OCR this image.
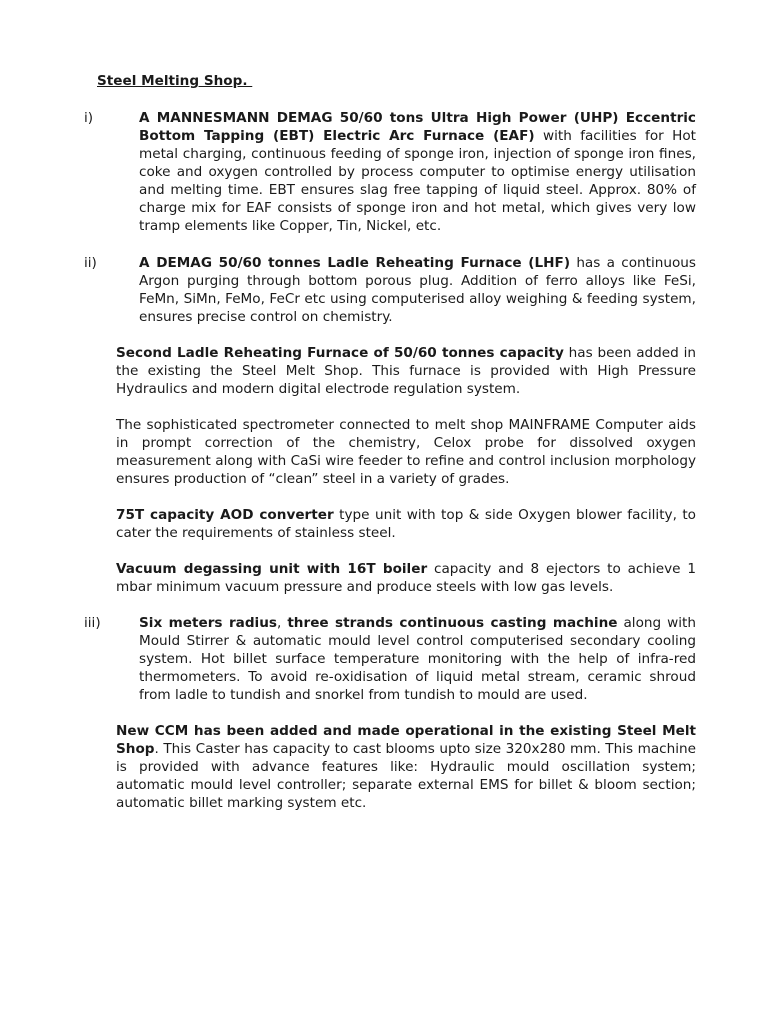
Steel Melting Shop.
i)	A MANNESMANN DEMAG 50/60 tons Ultra High Power (UHP) Eccentric Bottom Tapping (EBT) Electric Arc Furnace (EAF) with facilities for Hot metal charging, continuous feeding of sponge iron, injection of sponge iron fines, coke and oxygen controlled by process computer to optimise energy utilisation and melting time. EBT ensures slag free tapping of liquid steel. Approx. 80% of charge mix for EAF consists of sponge iron and hot metal, which gives very low tramp elements like Copper, Tin, Nickel, etc.
ii)	A DEMAG 50/60 tonnes Ladle Reheating Furnace (LHF) has a continuous Argon purging through bottom porous plug. Addition of ferro alloys like FeSi, FeMn, SiMn, FeMo, FeCr etc using computerised alloy weighing & feeding system, ensures precise control on chemistry.
Second Ladle Reheating Furnace of 50/60 tonnes capacity has been added in the existing the Steel Melt Shop. This furnace is provided with High Pressure Hydraulics and modern digital electrode regulation system.
The sophisticated spectrometer connected to melt shop MAINFRAME Computer aids in prompt correction of the chemistry, Celox probe for dissolved oxygen measurement along with CaSi wire feeder to refine and control inclusion morphology ensures production of “clean” steel in a variety of grades.
75T capacity AOD converter type unit with top & side Oxygen blower facility, to cater the requirements of stainless steel.
Vacuum degassing unit with 16T boiler capacity and 8 ejectors to achieve 1 mbar minimum vacuum pressure and produce steels with low gas levels.
iii)	Six meters radius, three strands continuous casting machine along with Mould Stirrer & automatic mould level control computerised secondary cooling system. Hot billet surface temperature monitoring with the help of infra-red thermometers. To avoid re-oxidisation of liquid metal stream, ceramic shroud from ladle to tundish and snorkel from tundish to mould are used.
New CCM has been added and made operational in the existing Steel Melt Shop. This Caster has capacity to cast blooms upto size 320x280 mm. This machine is provided with advance features like: Hydraulic mould oscillation system; automatic mould level controller; separate external EMS for billet & bloom section; automatic billet marking system etc.
